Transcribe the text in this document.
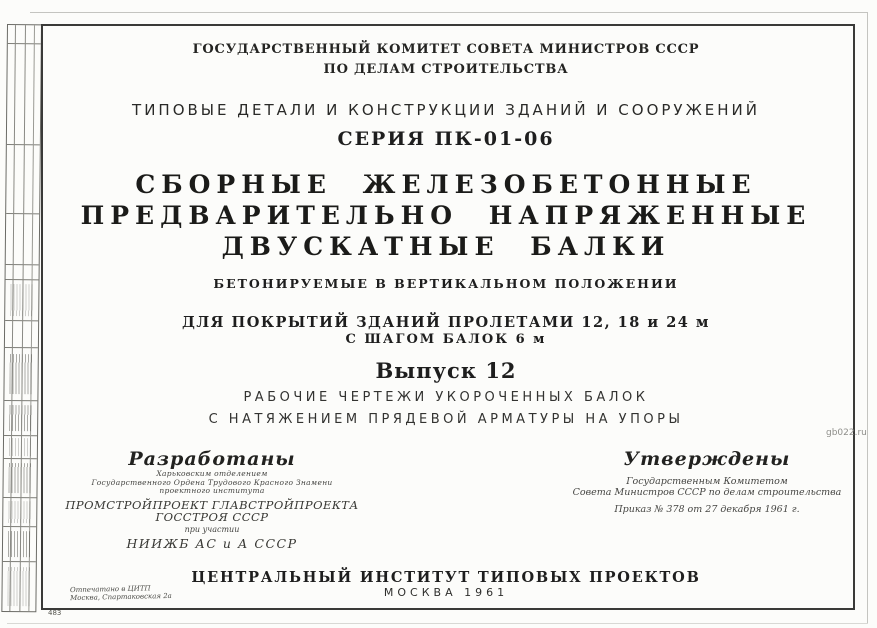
ГОСУДАРСТВЕННЫЙ КОМИТЕТ СОВЕТА МИНИСТРОВ СССР
ПО ДЕЛАМ СТРОИТЕЛЬСТВА
ТИПОВЫЕ ДЕТАЛИ И КОНСТРУКЦИИ ЗДАНИЙ И СООРУЖЕНИЙ
СЕРИЯ ПК-01-06
СБОРНЫЕ ЖЕЛЕЗОБЕТОННЫЕ
ПРЕДВАРИТЕЛЬНО НАПРЯЖЕННЫЕ
ДВУСКАТНЫЕ БАЛКИ
БЕТОНИРУЕМЫЕ В ВЕРТИКАЛЬНОМ ПОЛОЖЕНИИ
ДЛЯ ПОКРЫТИЙ ЗДАНИЙ ПРОЛЕТАМИ 12, 18 и 24 м
С ШАГОМ БАЛОК 6 м
Выпуск 12
РАБОЧИЕ ЧЕРТЕЖИ УКОРОЧЕННЫХ БАЛОК
С НАТЯЖЕНИЕМ ПРЯДЕВОЙ АРМАТУРЫ НА УПОРЫ
Разработаны
Харьковским отделением
Государственного Ордена Трудового Красного Знамени
проектного института
ПРОМСТРОЙПРОЕКТ ГЛАВСТРОЙПРОЕКТА
ГОССТРОЯ СССР
при участии
НИИЖБ АС и А СССР
Утверждены
Государственным Комитетом
Совета Министров СССР по делам строительства
Приказ № 378 от 27 декабря 1961 г.
ЦЕНТРАЛЬНЫЙ ИНСТИТУТ ТИПОВЫХ ПРОЕКТОВ
МОСКВА 1961
Отпечатано в ЦИТП
Москва, Спартаковская 2а
483
gb022.ru
